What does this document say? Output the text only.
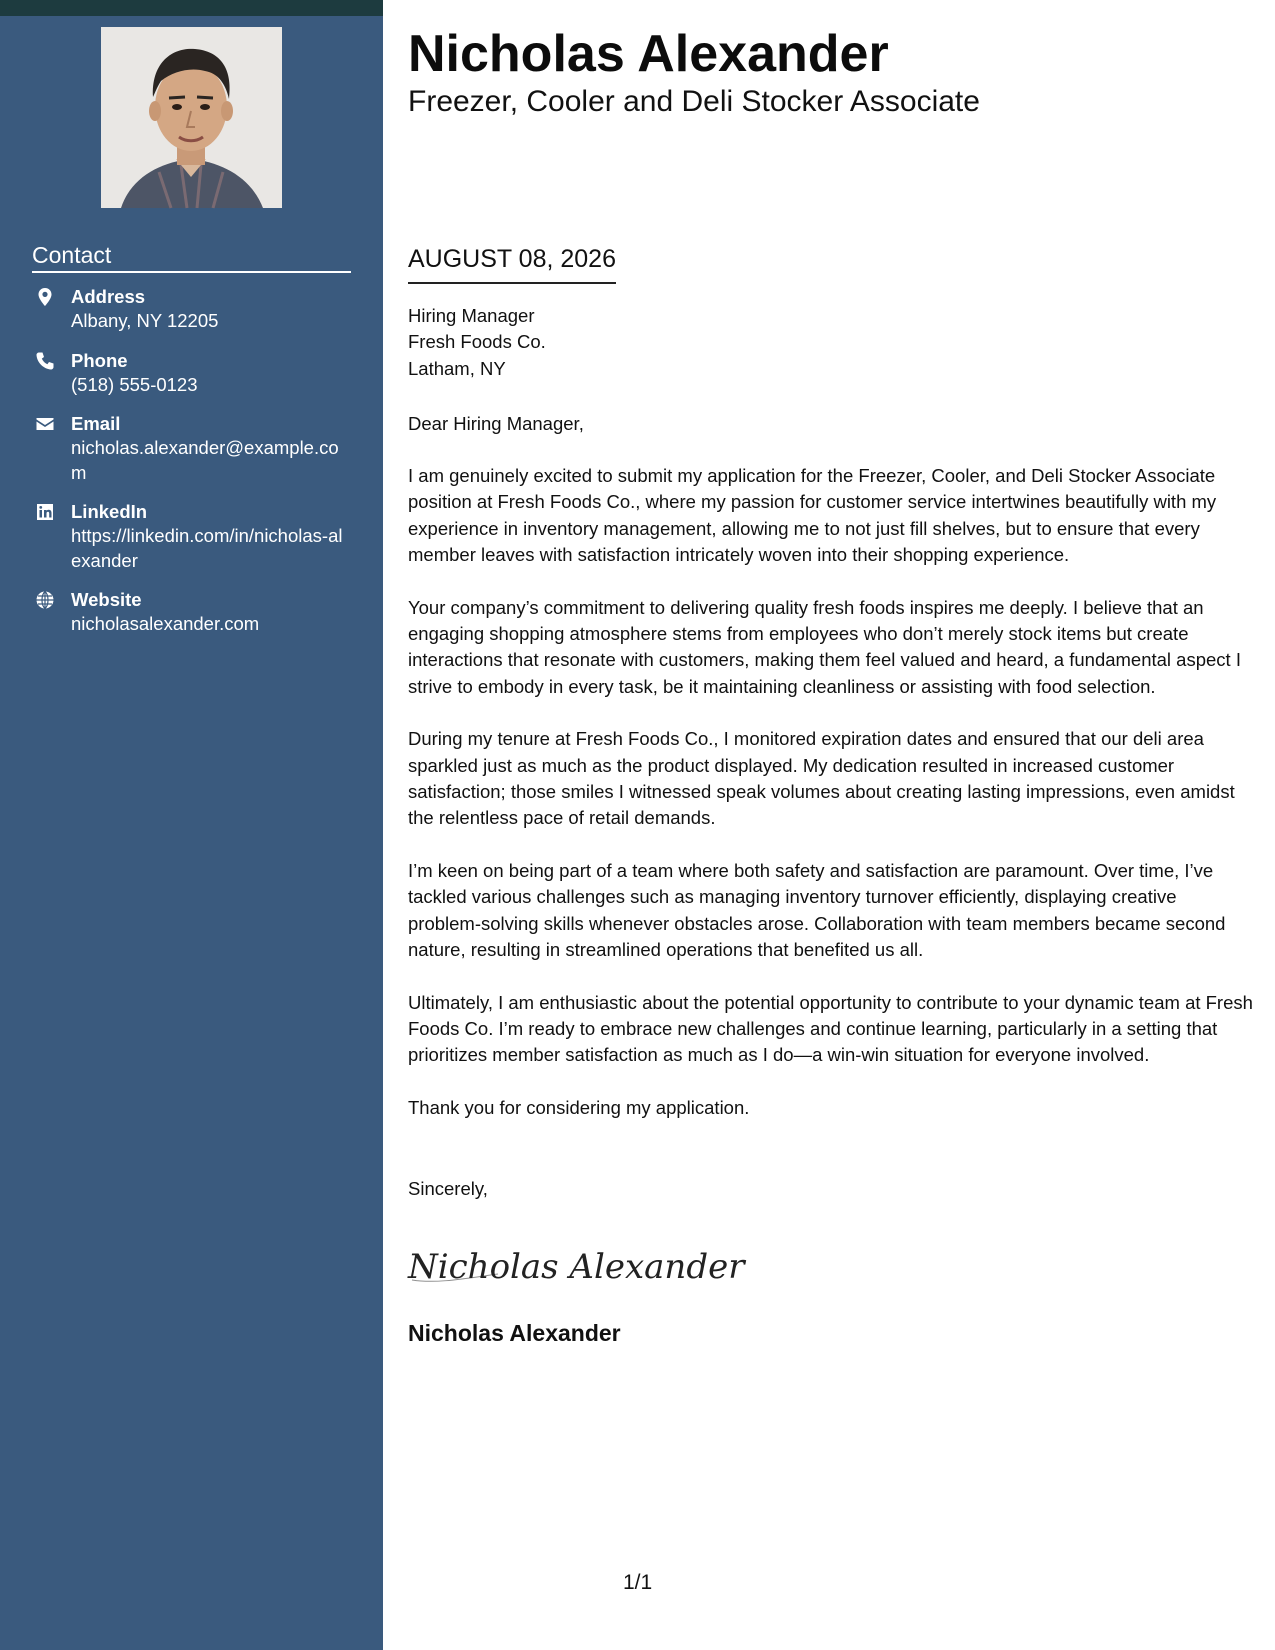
Contact
Address
Albany, NY 12205
Phone
(518) 555-0123
Email
nicholas.alexander@example.com
LinkedIn
https://linkedin.com/in/nicholas-alexander
Website
nicholasalexander.com
Nicholas Alexander
Freezer, Cooler and Deli Stocker Associate
AUGUST 08, 2026
Hiring Manager
Fresh Foods Co.
Latham, NY
Dear Hiring Manager,

I am genuinely excited to submit my application for the Freezer, Cooler, and Deli Stocker Associate position at Fresh Foods Co., where my passion for customer service intertwines beautifully with my experience in inventory management, allowing me to not just fill shelves, but to ensure that every member leaves with satisfaction intricately woven into their shopping experience.

Your company’s commitment to delivering quality fresh foods inspires me deeply. I believe that an engaging shopping atmosphere stems from employees who don’t merely stock items but create interactions that resonate with customers, making them feel valued and heard, a fundamental aspect I strive to embody in every task, be it maintaining cleanliness or assisting with food selection.

During my tenure at Fresh Foods Co., I monitored expiration dates and ensured that our deli area sparkled just as much as the product displayed. My dedication resulted in increased customer satisfaction; those smiles I witnessed speak volumes about creating lasting impressions, even amidst the relentless pace of retail demands.

I’m keen on being part of a team where both safety and satisfaction are paramount. Over time, I’ve tackled various challenges such as managing inventory turnover efficiently, displaying creative problem-solving skills whenever obstacles arose. Collaboration with team members became second nature, resulting in streamlined operations that benefited us all.

Ultimately, I am enthusiastic about the potential opportunity to contribute to your dynamic team at Fresh Foods Co. I’m ready to embrace new challenges and continue learning, particularly in a setting that prioritizes member satisfaction as much as I do—a win-win situation for everyone involved.

Thank you for considering my application.

Sincerely,
Nicholas Alexander
Nicholas Alexander
1/1
